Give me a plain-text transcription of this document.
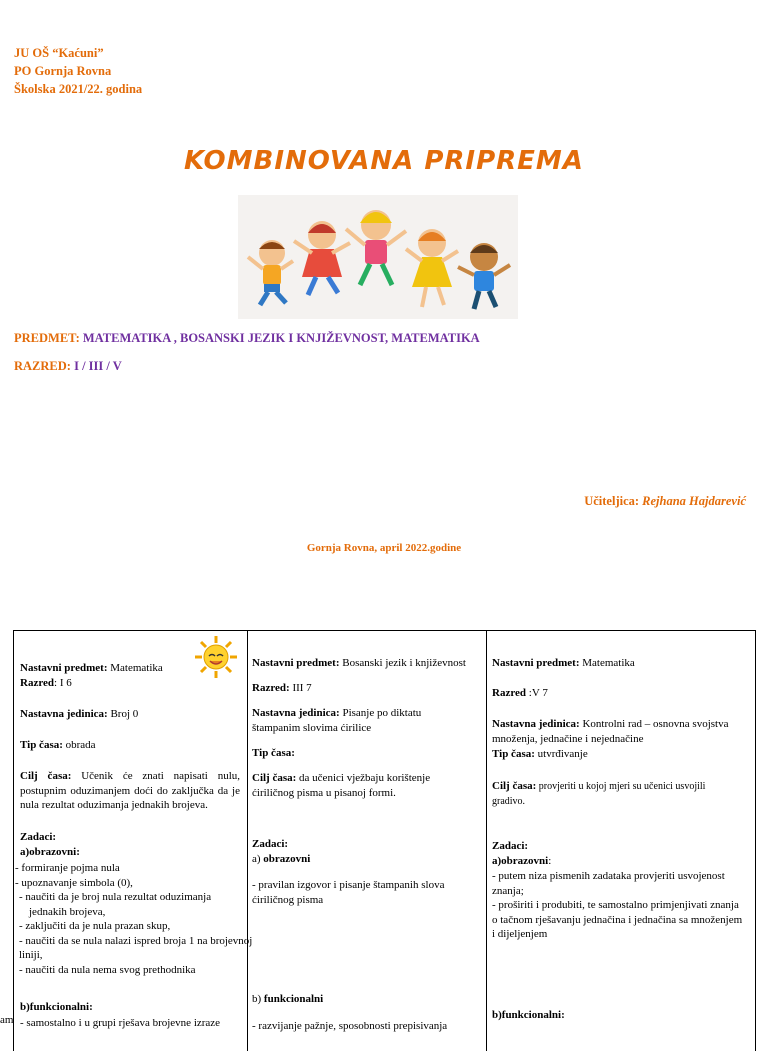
JU OŠ “Kaćuni”
PO Gornja Rovna
Školska 2021/22. godina
KOMBINOVANA PRIPREMA
PREDMET: MATEMATIKA , BOSANSKI JEZIK I KNJIŽEVNOST, MATEMATIKA
RAZRED: I / III / V
Učiteljica: Rejhana Hajdarević
Gornja Rovna, april 2022.godine

Nastavni predmet: Matematika

Razred: I 6

Nastavna jedinica: Broj 0

Tip časa: obrada

Cilj časa: Učenik će znati napisati nulu, postupnim oduzimanjem doći do zaključka da je nula rezultat oduzimanja jednakih brojeva.

Zadaci:

a)obrazovni:

- formiranje pojma nula

- upoznavanje simbola (0),

- naučiti da je broj nula rezultat oduzimanja

jednakih brojeva,

- zaključiti da je nula prazan skup,

- naučiti da se nula nalazi ispred broja 1 na brojevnoj

liniji,

- naučiti da nula nema svog prethodnika

b)funkcionalni:

- samostalno i u grupi rješava brojevne izraze

Nastavni predmet: Bosanski jezik i književnost

Razred: III 7

Nastavna jedinica: Pisanje po diktatu štampanim slovima ćirilice

Tip časa:

Cilj časa: da učenici vježbaju korištenje ćiriličnog pisma u pisanoj formi.

Zadaci:

a) obrazovni

- pravilan izgovor i pisanje štampanih slova ćiriličnog pisma

b) funkcionalni

- razvijanje pažnje, sposobnosti prepisivanja

Nastavni predmet: Matematika

Razred :V 7

Nastavna jedinica: Kontrolni rad – osnovna svojstva množenja, jednačine i nejednačine

Tip časa: utvrđivanje

Cilj časa: provjeriti u kojoj mjeri su učenici usvojili gradivo.

Zadaci:

a)obrazovni:

- putem niza pismenih zadataka provjeriti usvojenost znanja;

- proširiti i produbiti, te samostalno primjenjivati znanja o tačnom rješavanju jednačina i jednačina sa množenjem i dijeljenjem

b)funkcionalni:

am
